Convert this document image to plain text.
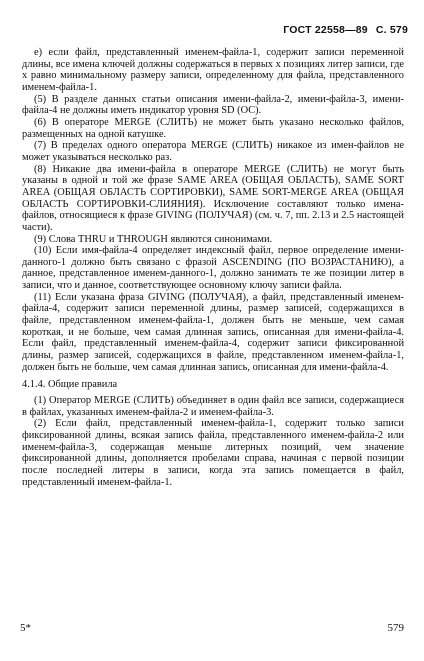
ГОСТ 22558—89 С. 579

е) если файл, представленный именем-файла-1, содержит записи переменной длины, все имена ключей должны содержаться в первых x позициях литер записи, где x равно минимальному размеру записи, определенному для файла, представленного именем-файла-1.

(5) В разделе данных статьи описания имени-файла-2, имени-файла-3, имени-файла-4 не должны иметь индикатор уровня SD (ОС).

(6) В операторе MERGE (СЛИТЬ) не может быть указано несколько файлов, размещенных на одной катушке.

(7) В пределах одного оператора MERGE (СЛИТЬ) никакое из имен-файлов не может указываться несколько раз.

(8) Никакие два имени-файла в операторе MERGE (СЛИТЬ) не могут быть указаны в одной и той же фразе SAME AREA (ОБЩАЯ ОБЛАСТЬ), SAME SORT AREA (ОБЩАЯ ОБЛАСТЬ СОРТИРОВКИ), SAME SORT-MERGE AREA (ОБЩАЯ ОБЛАСТЬ СОРТИРОВКИ-СЛИЯНИЯ). Исключение составляют только имена-файлов, относящиеся к фразе GIVING (ПОЛУЧАЯ) (см. ч. 7, пп. 2.13 и 2.5 настоящей части).

(9) Слова THRU и THROUGH являются синонимами.

(10) Если имя-файла-4 определяет индексный файл, первое определение имени-данного-1 должно быть связано с фразой ASCENDING (ПО ВОЗРАСТАНИЮ), а данное, представленное именем-данного-1, должно занимать те же позиции литер в записи, что и данное, соответствующее основному ключу записи файла.

(11) Если указана фраза GIVING (ПОЛУЧАЯ), а файл, представленный именем-файла-4, содержит записи переменной длины, размер записей, содержащихся в файле, представленном именем-файла-1, должен быть не меньше, чем самая короткая, и не больше, чем самая длинная запись, описанная для имени-файла-4. Если файл, представленный именем-файла-4, содержит записи фиксированной длины, размер записей, содержащихся в файле, представленном именем-файла-1, должен быть не больше, чем самая длинная запись, описанная для имени-файла-4.

4.1.4. Общие правила

(1) Оператор MERGE (СЛИТЬ) объединяет в один файл все записи, содержащиеся в файлах, указанных именем-файла-2 и именем-файла-3.

(2) Если файл, представленный именем-файла-1, содержит только записи фиксированной длины, всякая запись файла, представленного именем-файла-2 или именем-файла-3, содержащая меньше литерных позиций, чем значение фиксированной длины, дополняется пробелами справа, начиная с первой позиции после последней литеры в записи, когда эта запись помещается в файл, представленный именем-файла-1.

5*	579
